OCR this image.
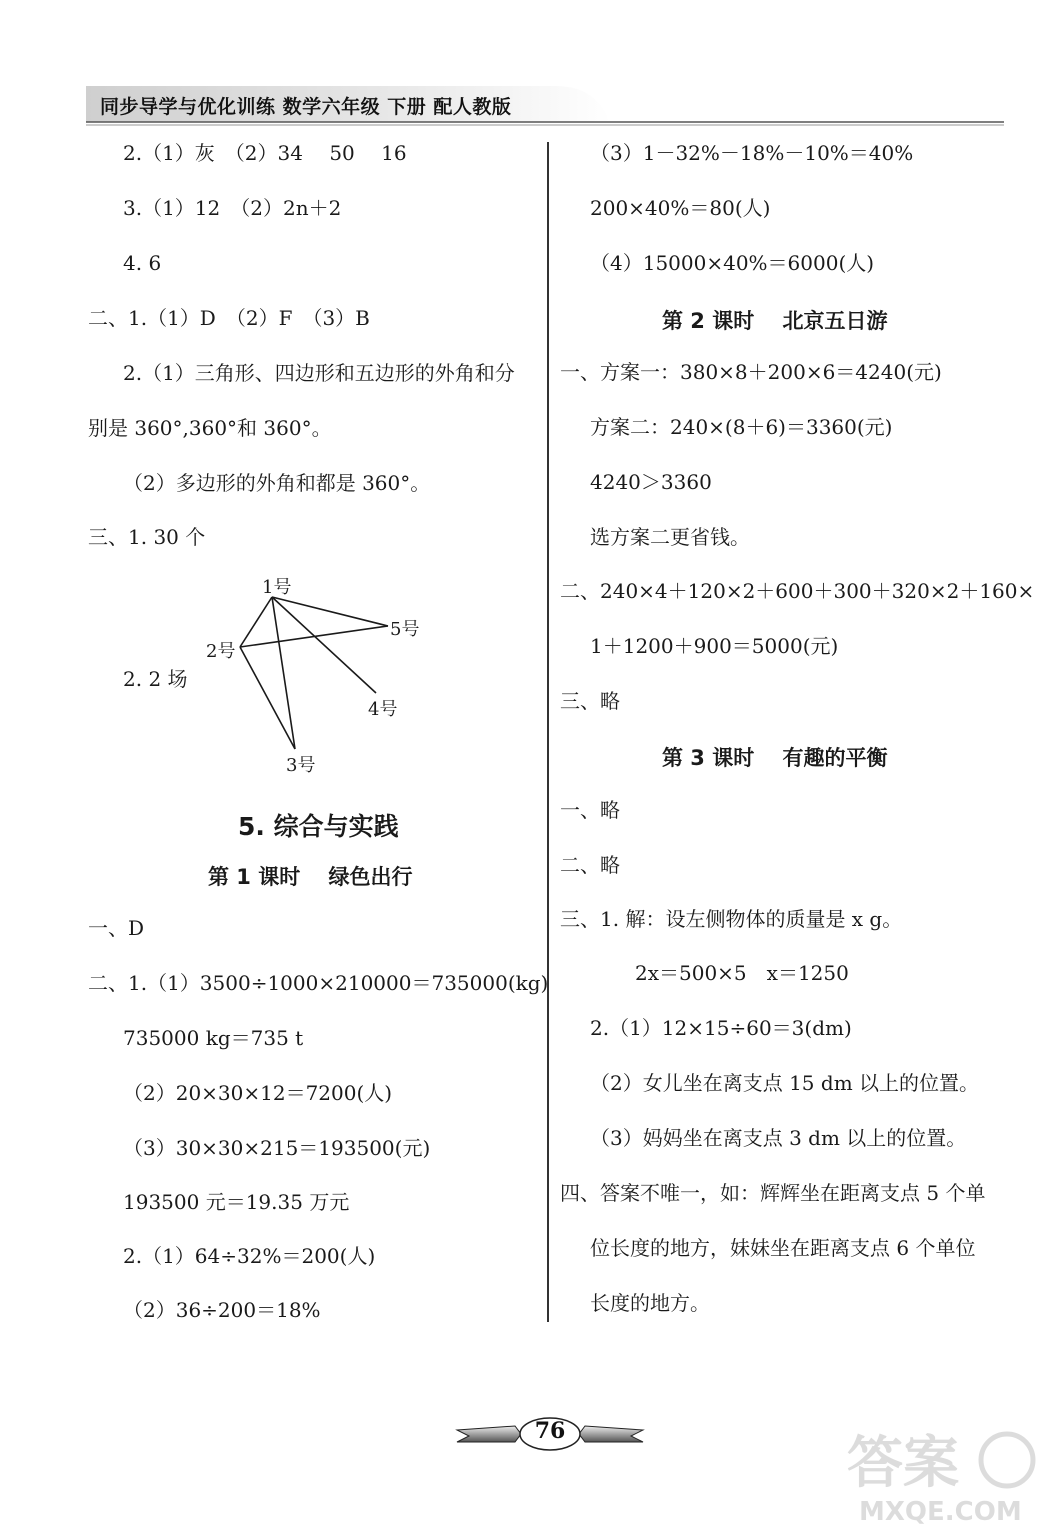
同步导学与优化训练 数学六年级 下册 配人教版
2.（1）灰　（2）34　 50　 16
3.（1）12　（2）2n＋2
4. 6
二、1.（1）D　（2）F　（3）B
2.（1）三角形、四边形和五边形的外角和分
别是 360°,360°和 360°。
（2）多边形的外角和都是 360°。
三、1. 30 个
2. 2 场
1号
2号
3号
4号
5号
5. 综合与实践
第 1 课时　 绿色出行
一、D
二、1.（1）3500÷1000×210000＝735000(kg)
735000 kg＝735 t
（2）20×30×12＝7200(人)
（3）30×30×215＝193500(元)
193500 元＝19.35 万元
2.（1）64÷32%＝200(人)
（2）36÷200＝18%
（3）1－32%－18%－10%＝40%
200×40%＝80(人)
（4）15000×40%＝6000(人)
第 2 课时　 北京五日游
一、方案一：380×8＋200×6＝4240(元)
方案二：240×(8＋6)＝3360(元)
4240＞3360
选方案二更省钱。
二、240×4＋120×2＋600＋300＋320×2＋160×
1＋1200＋900＝5000(元)
三、略
第 3 课时　 有趣的平衡
一、略
二、略
三、1. 解：设左侧物体的质量是 x g。
2x＝500×5　x＝1250
2.（1）12×15÷60＝3(dm)
（2）女儿坐在离支点 15 dm 以上的位置。
（3）妈妈坐在离支点 3 dm 以上的位置。
四、答案不唯一，如：辉辉坐在距离支点 5 个单
位长度的地方，妹妹坐在距离支点 6 个单位
长度的地方。
76	答案
MXQE.COM
